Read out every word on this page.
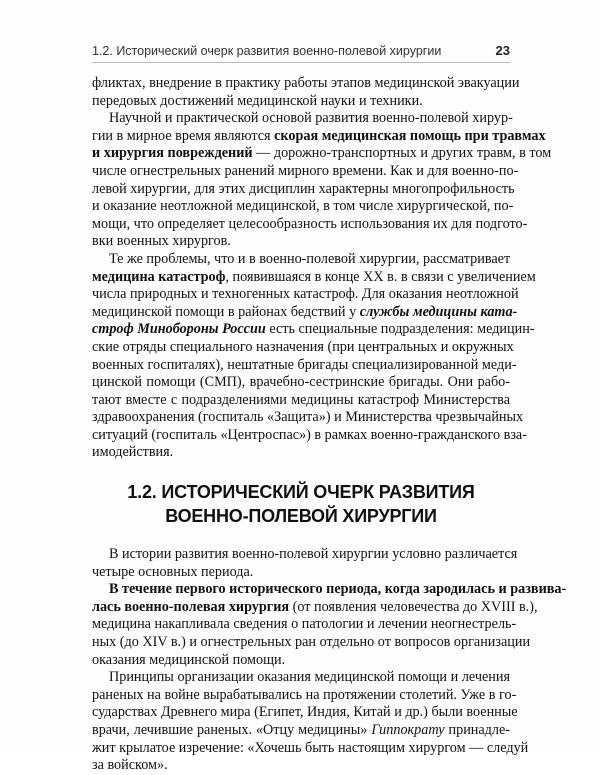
1.2. Исторический очерк развития военно-полевой хирургии	23
фликтах, внедрение в практику работы этапов медицинской эвакуации
передовых достижений медицинской науки и техники.
Научной и практической основой развития военно-полевой хирур-
гии в мирное время являются скорая медицинская помощь при травмах
и хирургия повреждений — дорожно-транспортных и других травм, в том
числе огнестрельных ранений мирного времени. Как и для военно-по-
левой хирургии, для этих дисциплин характерны многопрофильность
и оказание неотложной медицинской, в том числе хирургической, по-
мощи, что определяет целесообразность использования их для подгото-
вки военных хирургов.
Те же проблемы, что и в военно-полевой хирургии, рассматривает
медицина катастроф, появившаяся в конце XX в. в связи с увеличением
числа природных и техногенных катастроф. Для оказания неотложной
медицинской помощи в районах бедствий у службы медицины ката-
строф Минобороны России есть специальные подразделения: медицин-
ские отряды специального назначения (при центральных и окружных
военных госпиталях), нештатные бригады специализированной меди-
цинской помощи (СМП), врачебно-сестринские бригады. Они рабо-
тают вместе с подразделениями медицины катастроф Министерства
здравоохранения (госпиталь «Защита») и Министерства чрезвычайных
ситуаций (госпиталь «Центроспас») в рамках военно-гражданского вза-
имодействия.
1.2. ИСТОРИЧЕСКИЙ ОЧЕРК РАЗВИТИЯ
ВОЕННО-ПОЛЕВОЙ ХИРУРГИИ
В истории развития военно-полевой хирургии условно различается
четыре основных периода.
В течение первого исторического периода, когда зародилась и развива-
лась военно-полевая хирургия (от появления человечества до XVIII в.),
медицина накапливала сведения о патологии и лечении неогнестрель-
ных (до XIV в.) и огнестрельных ран отдельно от вопросов организации
оказания медицинской помощи.
Принципы организации оказания медицинской помощи и лечения
раненых на войне вырабатывались на протяжении столетий. Уже в го-
сударствах Древнего мира (Египет, Индия, Китай и др.) были военные
врачи, лечившие раненых. «Отцу медицины» Гиппократу принадле-
жит крылатое изречение: «Хочешь быть настоящим хирургом — следуй
за войском».
